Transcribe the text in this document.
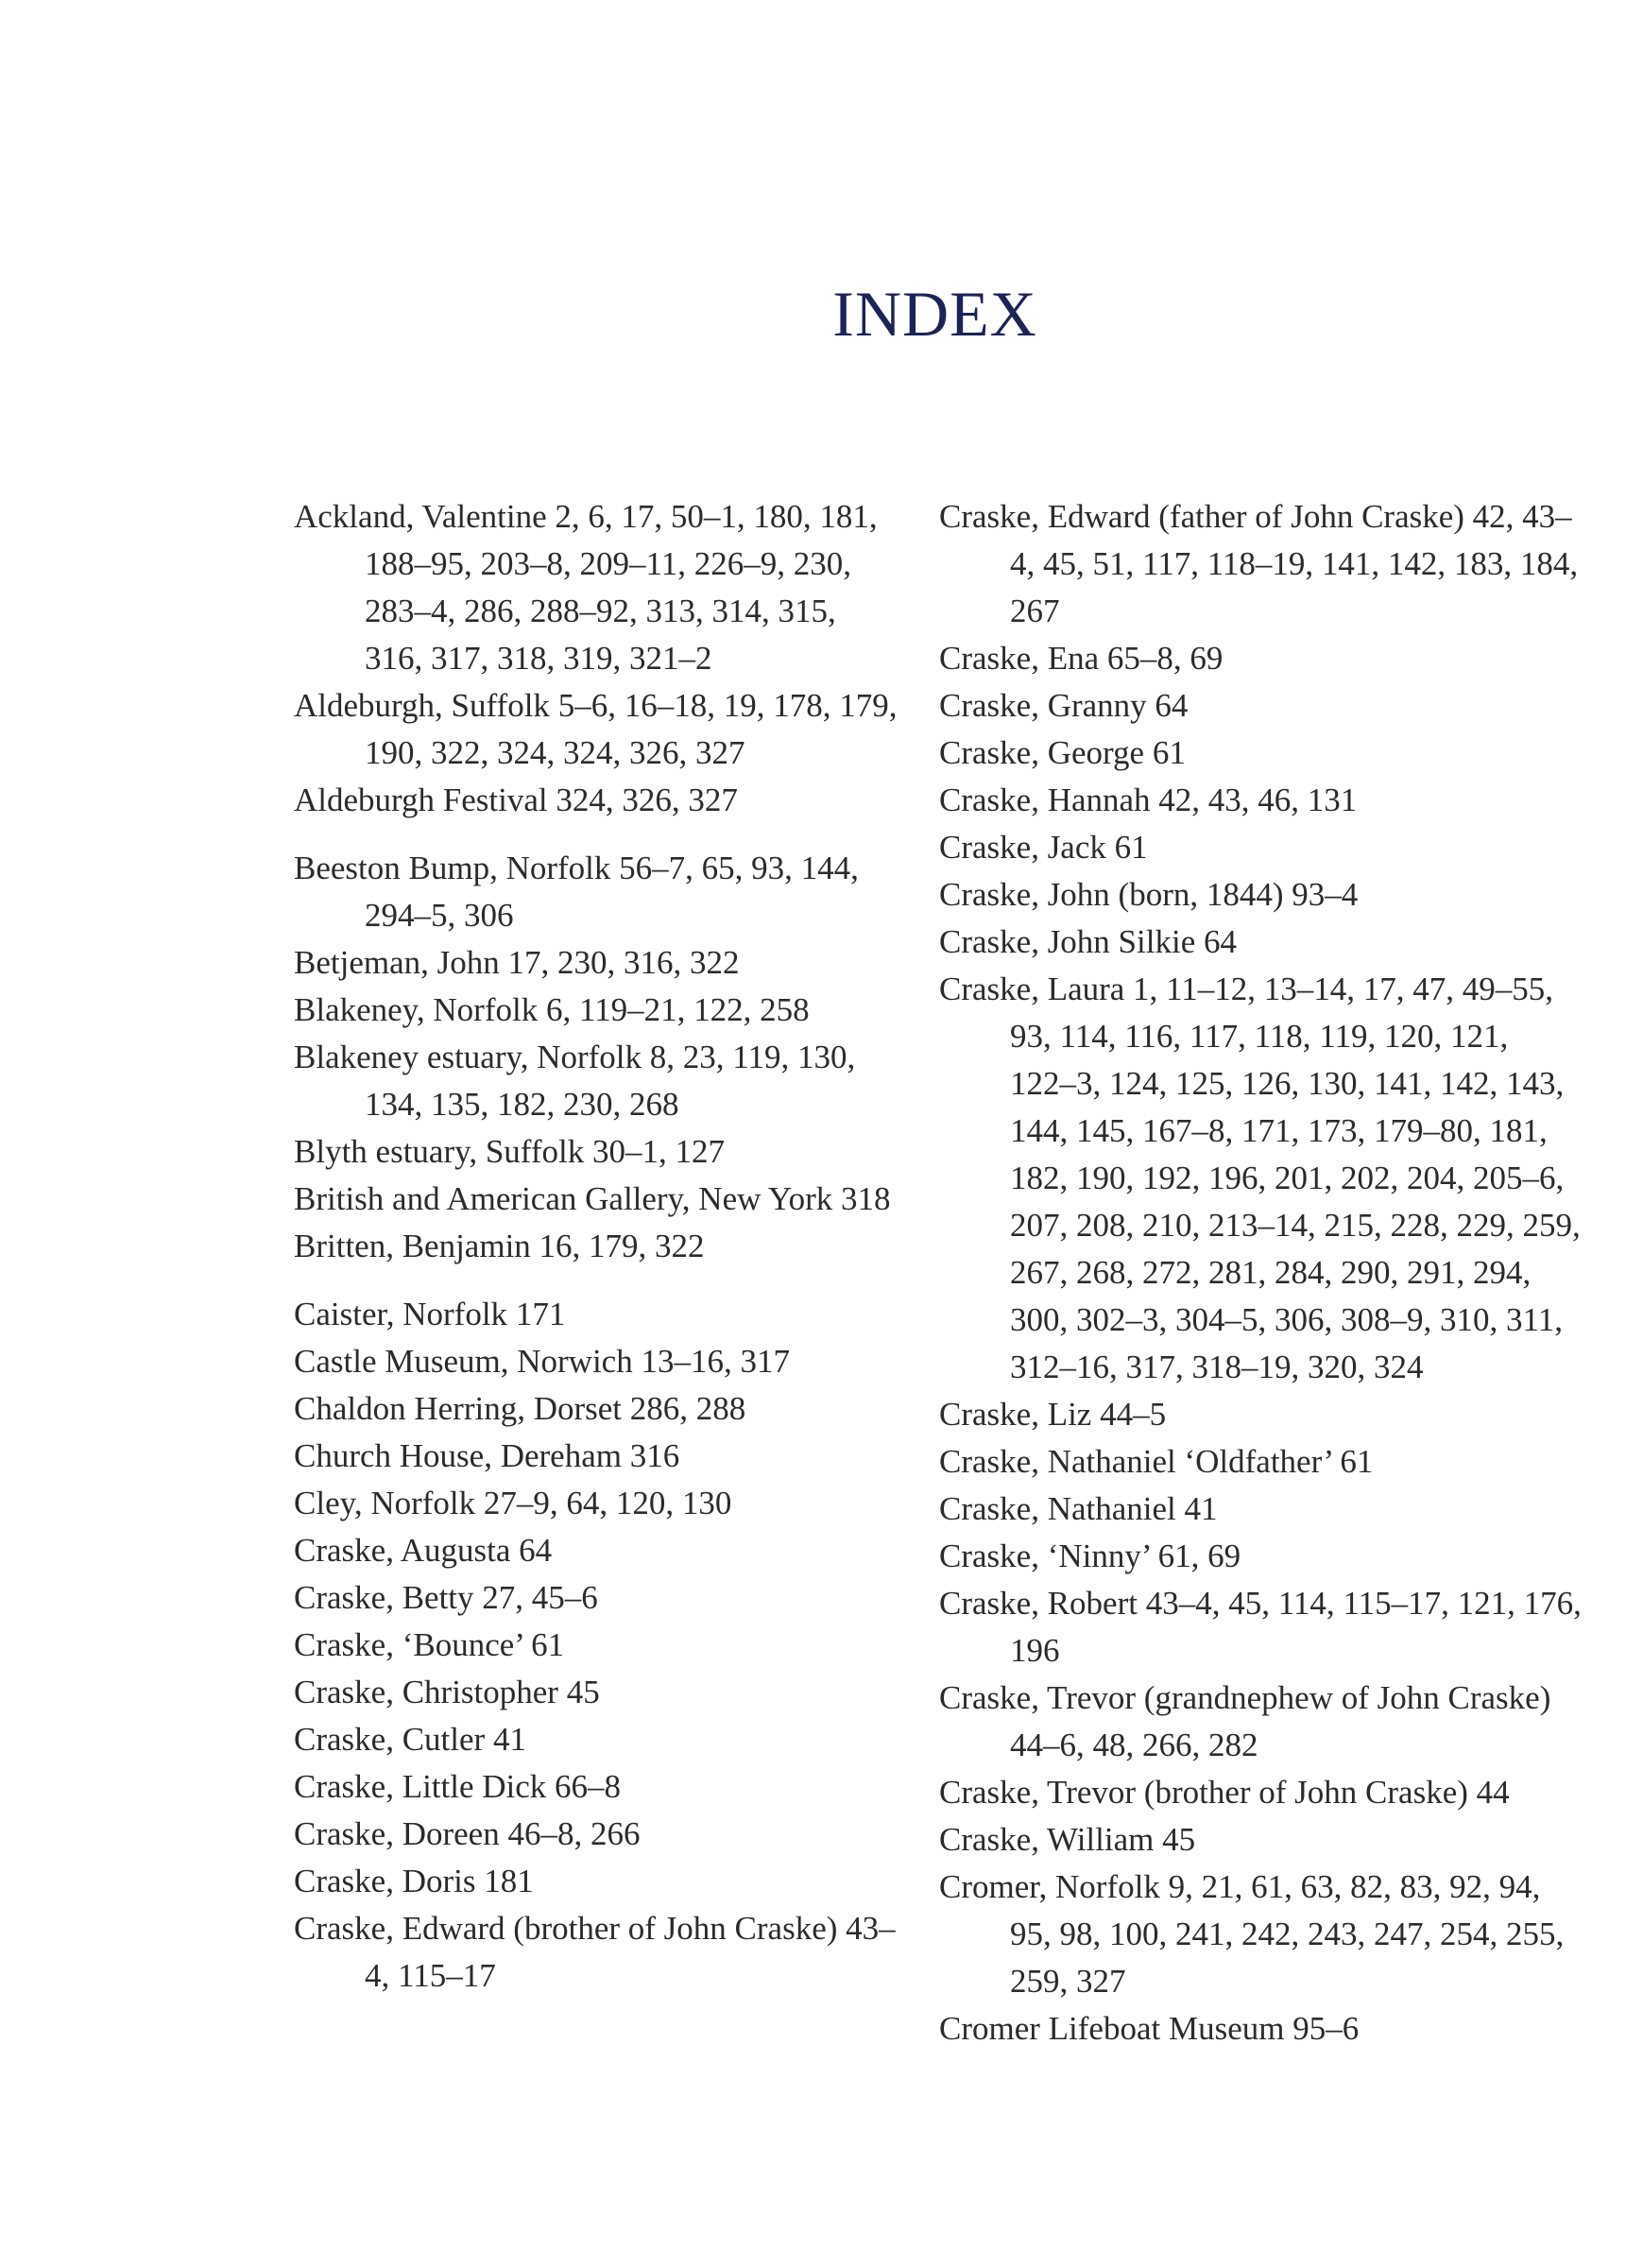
INDEX

Ackland, Valentine 2, 6, 17, 50–1, 180, 181, 188–95, 203–8, 209–11, 226–9, 230, 283–4, 286, 288–92, 313, 314, 315, 316, 317, 318, 319, 321–2

Aldeburgh, Suffolk 5–6, 16–18, 19, 178, 179, 190, 322, 324, 324, 326, 327

Aldeburgh Festival 324, 326, 327

Beeston Bump, Norfolk 56–7, 65, 93, 144, 294–5, 306

Betjeman, John 17, 230, 316, 322

Blakeney, Norfolk 6, 119–21, 122, 258

Blakeney estuary, Norfolk 8, 23, 119, 130, 134, 135, 182, 230, 268

Blyth estuary, Suffolk 30–1, 127

British and American Gallery, New York 318

Britten, Benjamin 16, 179, 322

Caister, Norfolk 171

Castle Museum, Norwich 13–16, 317

Chaldon Herring, Dorset 286, 288

Church House, Dereham 316

Cley, Norfolk 27–9, 64, 120, 130

Craske, Augusta 64

Craske, Betty 27, 45–6

Craske, ‘Bounce’ 61

Craske, Christopher 45

Craske, Cutler 41

Craske, Little Dick 66–8

Craske, Doreen 46–8, 266

Craske, Doris 181

Craske, Edward (brother of John Craske) 43–4, 115–17

Craske, Edward (father of John Craske) 42, 43–4, 45, 51, 117, 118–19, 141, 142, 183, 184, 267

Craske, Ena 65–8, 69

Craske, Granny 64

Craske, George 61

Craske, Hannah 42, 43, 46, 131

Craske, Jack 61

Craske, John (born, 1844) 93–4

Craske, John Silkie 64

Craske, Laura 1, 11–12, 13–14, 17, 47, 49–55, 93, 114, 116, 117, 118, 119, 120, 121, 122–3, 124, 125, 126, 130, 141, 142, 143, 144, 145, 167–8, 171, 173, 179–80, 181, 182, 190, 192, 196, 201, 202, 204, 205–6, 207, 208, 210, 213–14, 215, 228, 229, 259, 267, 268, 272, 281, 284, 290, 291, 294, 300, 302–3, 304–5, 306, 308–9, 310, 311, 312–16, 317, 318–19, 320, 324

Craske, Liz 44–5

Craske, Nathaniel ‘Oldfather’ 61

Craske, Nathaniel 41

Craske, ‘Ninny’ 61, 69

Craske, Robert 43–4, 45, 114, 115–17, 121, 176, 196

Craske, Trevor (grandnephew of John Craske) 44–6, 48, 266, 282

Craske, Trevor (brother of John Craske) 44

Craske, William 45

Cromer, Norfolk 9, 21, 61, 63, 82, 83, 92, 94, 95, 98, 100, 241, 242, 243, 247, 254, 255, 259, 327

Cromer Lifeboat Museum 95–6
